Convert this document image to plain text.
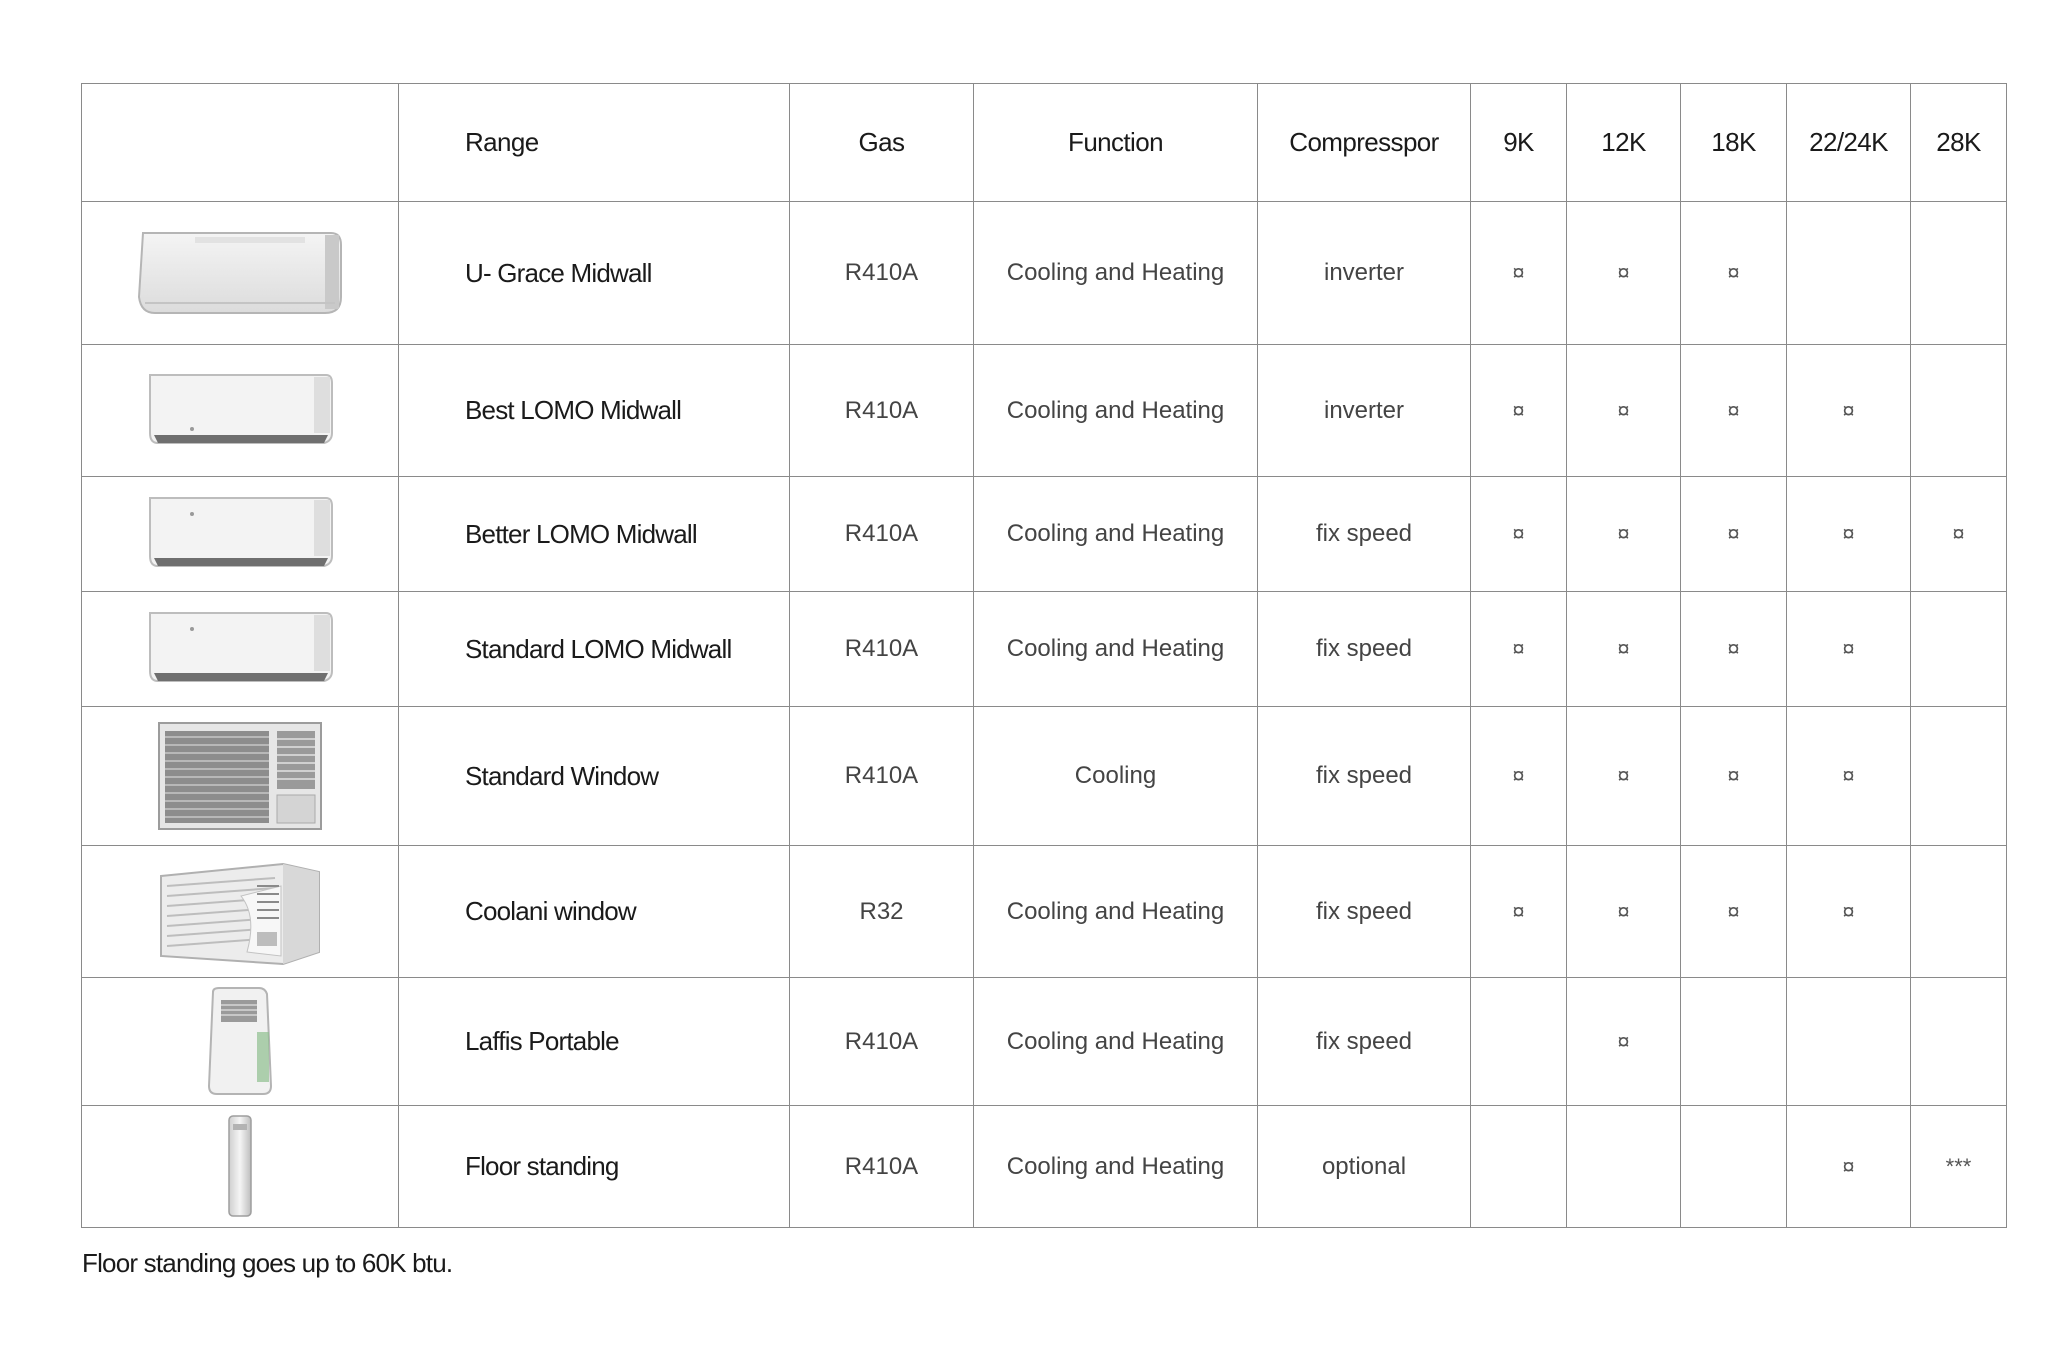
	Range	Gas	Function	Compresspor	9K	12K	18K	22/24K	28K

	U- Grace Midwall	R410A	Cooling and Heating	inverter	¤	¤	¤		

	Best LOMO Midwall	R410A	Cooling and Heating	inverter	¤	¤	¤	¤	

	Better LOMO Midwall	R410A	Cooling and Heating	fix speed	¤	¤	¤	¤	¤

	Standard LOMO Midwall	R410A	Cooling and Heating	fix speed	¤	¤	¤	¤	

	Standard Window	R410A	Cooling	fix speed	¤	¤	¤	¤	

	Coolani window	R32	Cooling and Heating	fix speed	¤	¤	¤	¤	

	Laffis Portable	R410A	Cooling and Heating	fix speed		¤			

	Floor standing	R410A	Cooling and Heating	optional				¤	***
Floor standing goes up to 60K btu.
